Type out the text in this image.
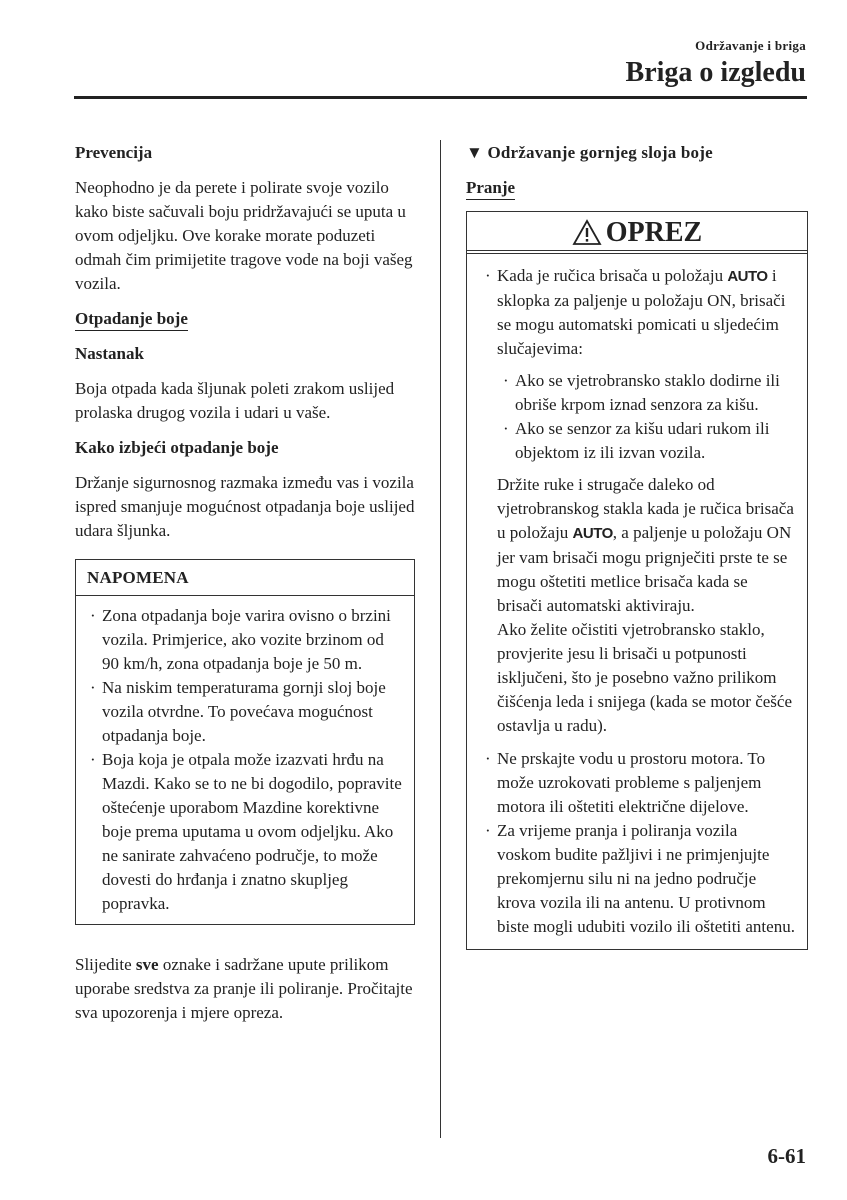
Održavanje i briga
Briga o izgledu
Prevencija
Neophodno je da perete i polirate svoje vozilo kako biste sačuvali boju pridržavajući se uputa u ovom odjeljku. Ove korake morate poduzeti odmah čim primijetite tragove vode na boji vašeg vozila.
Otpadanje boje
Nastanak
Boja otpada kada šljunak poleti zrakom uslijed prolaska drugog vozila i udari u vaše.
Kako izbjeći otpadanje boje
Držanje sigurnosnog razmaka između vas i vozila ispred smanjuje mogućnost otpadanja boje uslijed udara šljunka.
NAPOMENA
· Zona otpadanja boje varira ovisno o brzini vozila. Primjerice, ako vozite brzinom od 90 km/h, zona otpadanja boje je 50 m.
· Na niskim temperaturama gornji sloj boje vozila otvrdne. To povećava mogućnost otpadanja boje.
· Boja koja je otpala može izazvati hrđu na Mazdi. Kako se to ne bi dogodilo, popravite oštećenje uporabom Mazdine korektivne boje prema uputama u ovom odjeljku. Ako ne sanirate zahvaćeno područje, to može dovesti do hrđanja i znatno skupljeg popravka.
Slijedite sve oznake i sadržane upute prilikom uporabe sredstva za pranje ili poliranje. Pročitajte sva upozorenja i mjere opreza.
▼ Održavanje gornjeg sloja boje
Pranje
OPREZ
· Kada je ručica brisača u položaju AUTO i sklopka za paljenje u položaju ON, brisači se mogu automatski pomicati u sljedećim slučajevima:
· Ako se vjetrobransko staklo dodirne ili obriše krpom iznad senzora za kišu.
· Ako se senzor za kišu udari rukom ili objektom iz ili izvan vozila.
Držite ruke i strugače daleko od vjetrobranskog stakla kada je ručica brisača u položaju AUTO, a paljenje u položaju ON jer vam brisači mogu prignječiti prste te se mogu oštetiti metlice brisača kada se brisači automatski aktiviraju.
Ako želite očistiti vjetrobransko staklo, provjerite jesu li brisači u potpunosti isključeni, što je posebno važno prilikom čišćenja leda i snijega (kada se motor češće ostavlja u radu).
· Ne prskajte vodu u prostoru motora. To može uzrokovati probleme s paljenjem motora ili oštetiti električne dijelove.
· Za vrijeme pranja i poliranja vozila voskom budite pažljivi i ne primjenjujte prekomjernu silu ni na jedno područje krova vozila ili na antenu. U protivnom biste mogli udubiti vozilo ili oštetiti antenu.
6-61
